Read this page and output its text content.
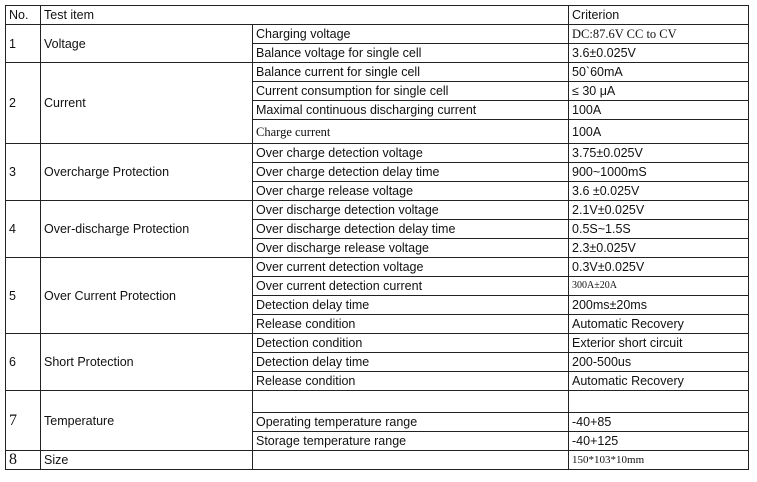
No.	Test item		Criterion
1	Voltage	Charging voltage	DC:87.6V CC to CV
		Balance voltage for single cell	3.6±0.025V
2	Current	Balance current for single cell	50`60mA
		Current consumption for single cell	≤ 30 μA
		Maximal continuous discharging current	100A
		Charge current	100A
3	Overcharge Protection	Over charge detection voltage	3.75±0.025V
		Over charge detection delay time	900~1000mS
		Over charge release voltage	3.6 ±0.025V
4	Over-discharge Protection	Over discharge detection voltage	2.1V±0.025V
		Over discharge detection delay time	0.5S~1.5S
		Over discharge release voltage	2.3±0.025V
5	Over Current Protection	Over current detection voltage	0.3V±0.025V
		Over current detection current	300A±20A
		Detection delay time	200ms±20ms
		Release condition	Automatic Recovery
6	Short Protection	Detection condition	Exterior short circuit
		Detection delay time	200-500us
		Release condition	Automatic Recovery
7	Temperature		
		Operating temperature range	-40+85
		Storage temperature range	-40+125
8	Size		150*103*10mm
